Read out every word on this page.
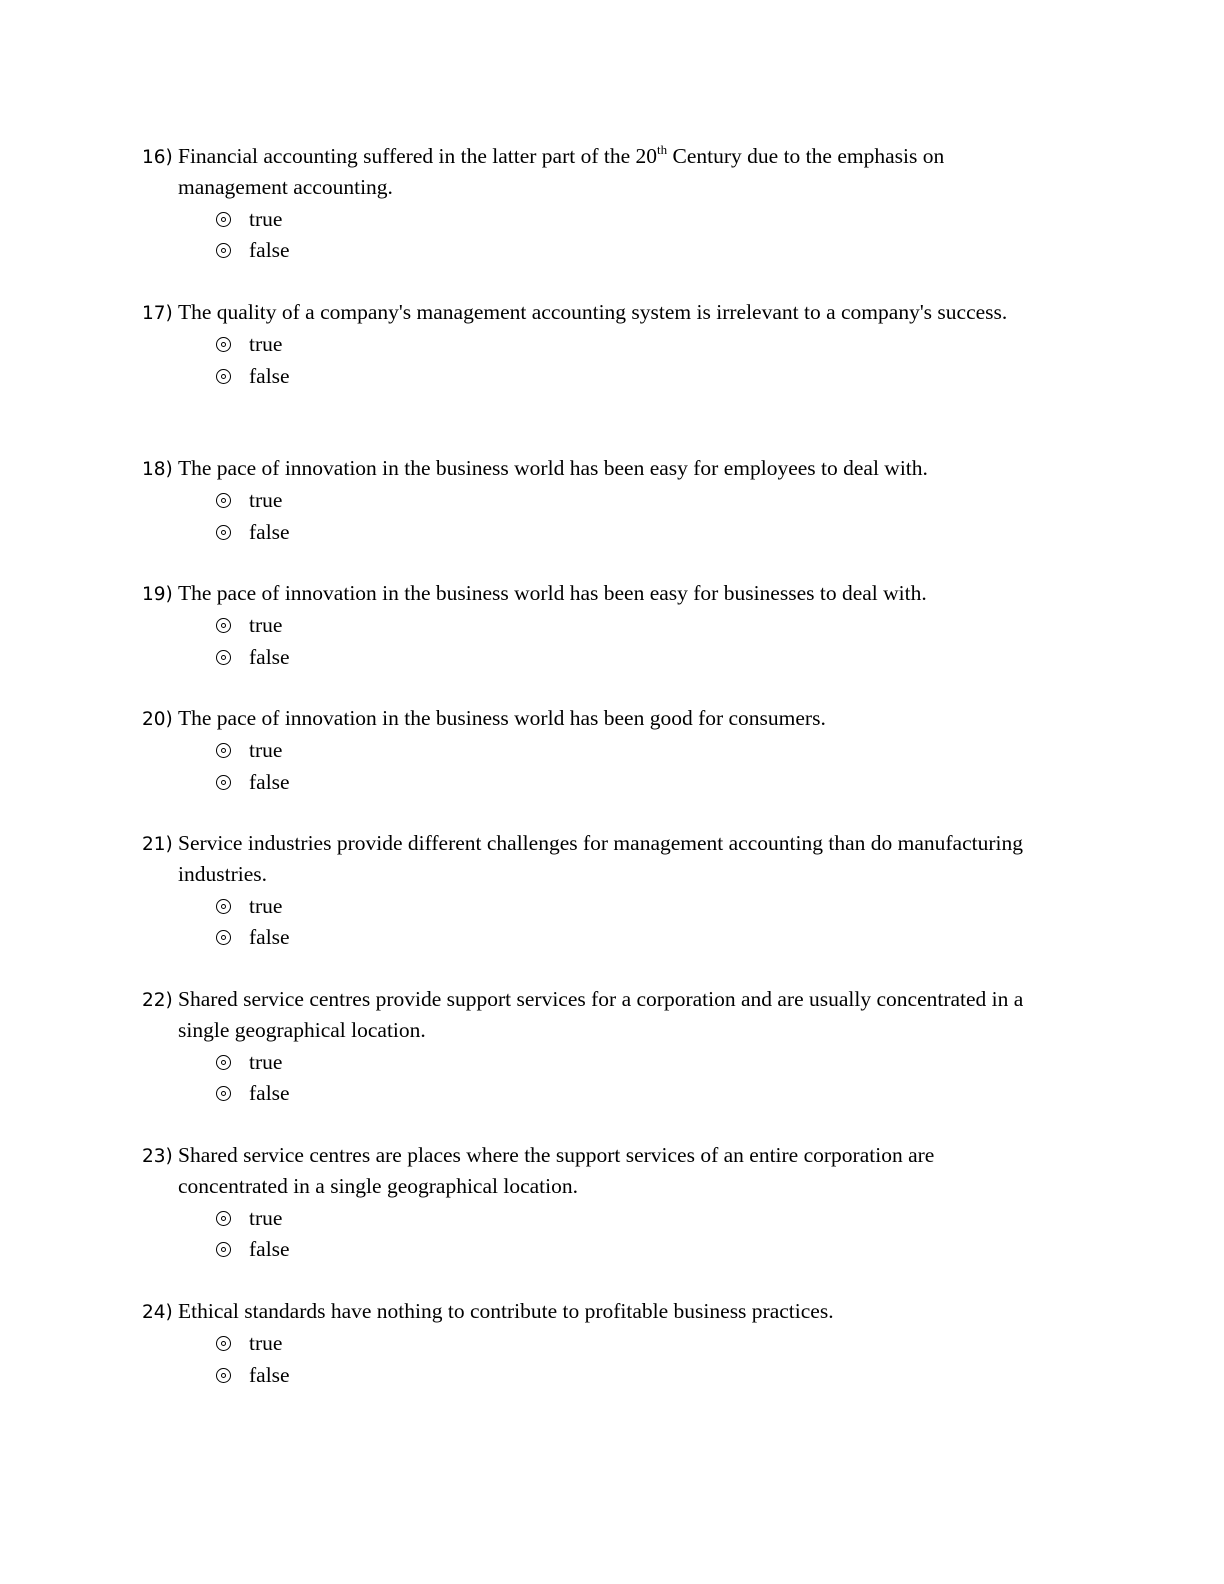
16) Financial accounting suffered in the latter part of the 20th Century due to the emphasis on management accounting.
true
false
17) The quality of a company's management accounting system is irrelevant to a company's success.
true
false
18) The pace of innovation in the business world has been easy for employees to deal with.
true
false
19) The pace of innovation in the business world has been easy for businesses to deal with.
true
false
20) The pace of innovation in the business world has been good for consumers.
true
false
21) Service industries provide different challenges for management accounting than do manufacturing industries.
true
false
22) Shared service centres provide support services for a corporation and are usually concentrated in a single geographical location.
true
false
23) Shared service centres are places where the support services of an entire corporation are concentrated in a single geographical location.
true
false
24) Ethical standards have nothing to contribute to profitable business practices.
true
false
